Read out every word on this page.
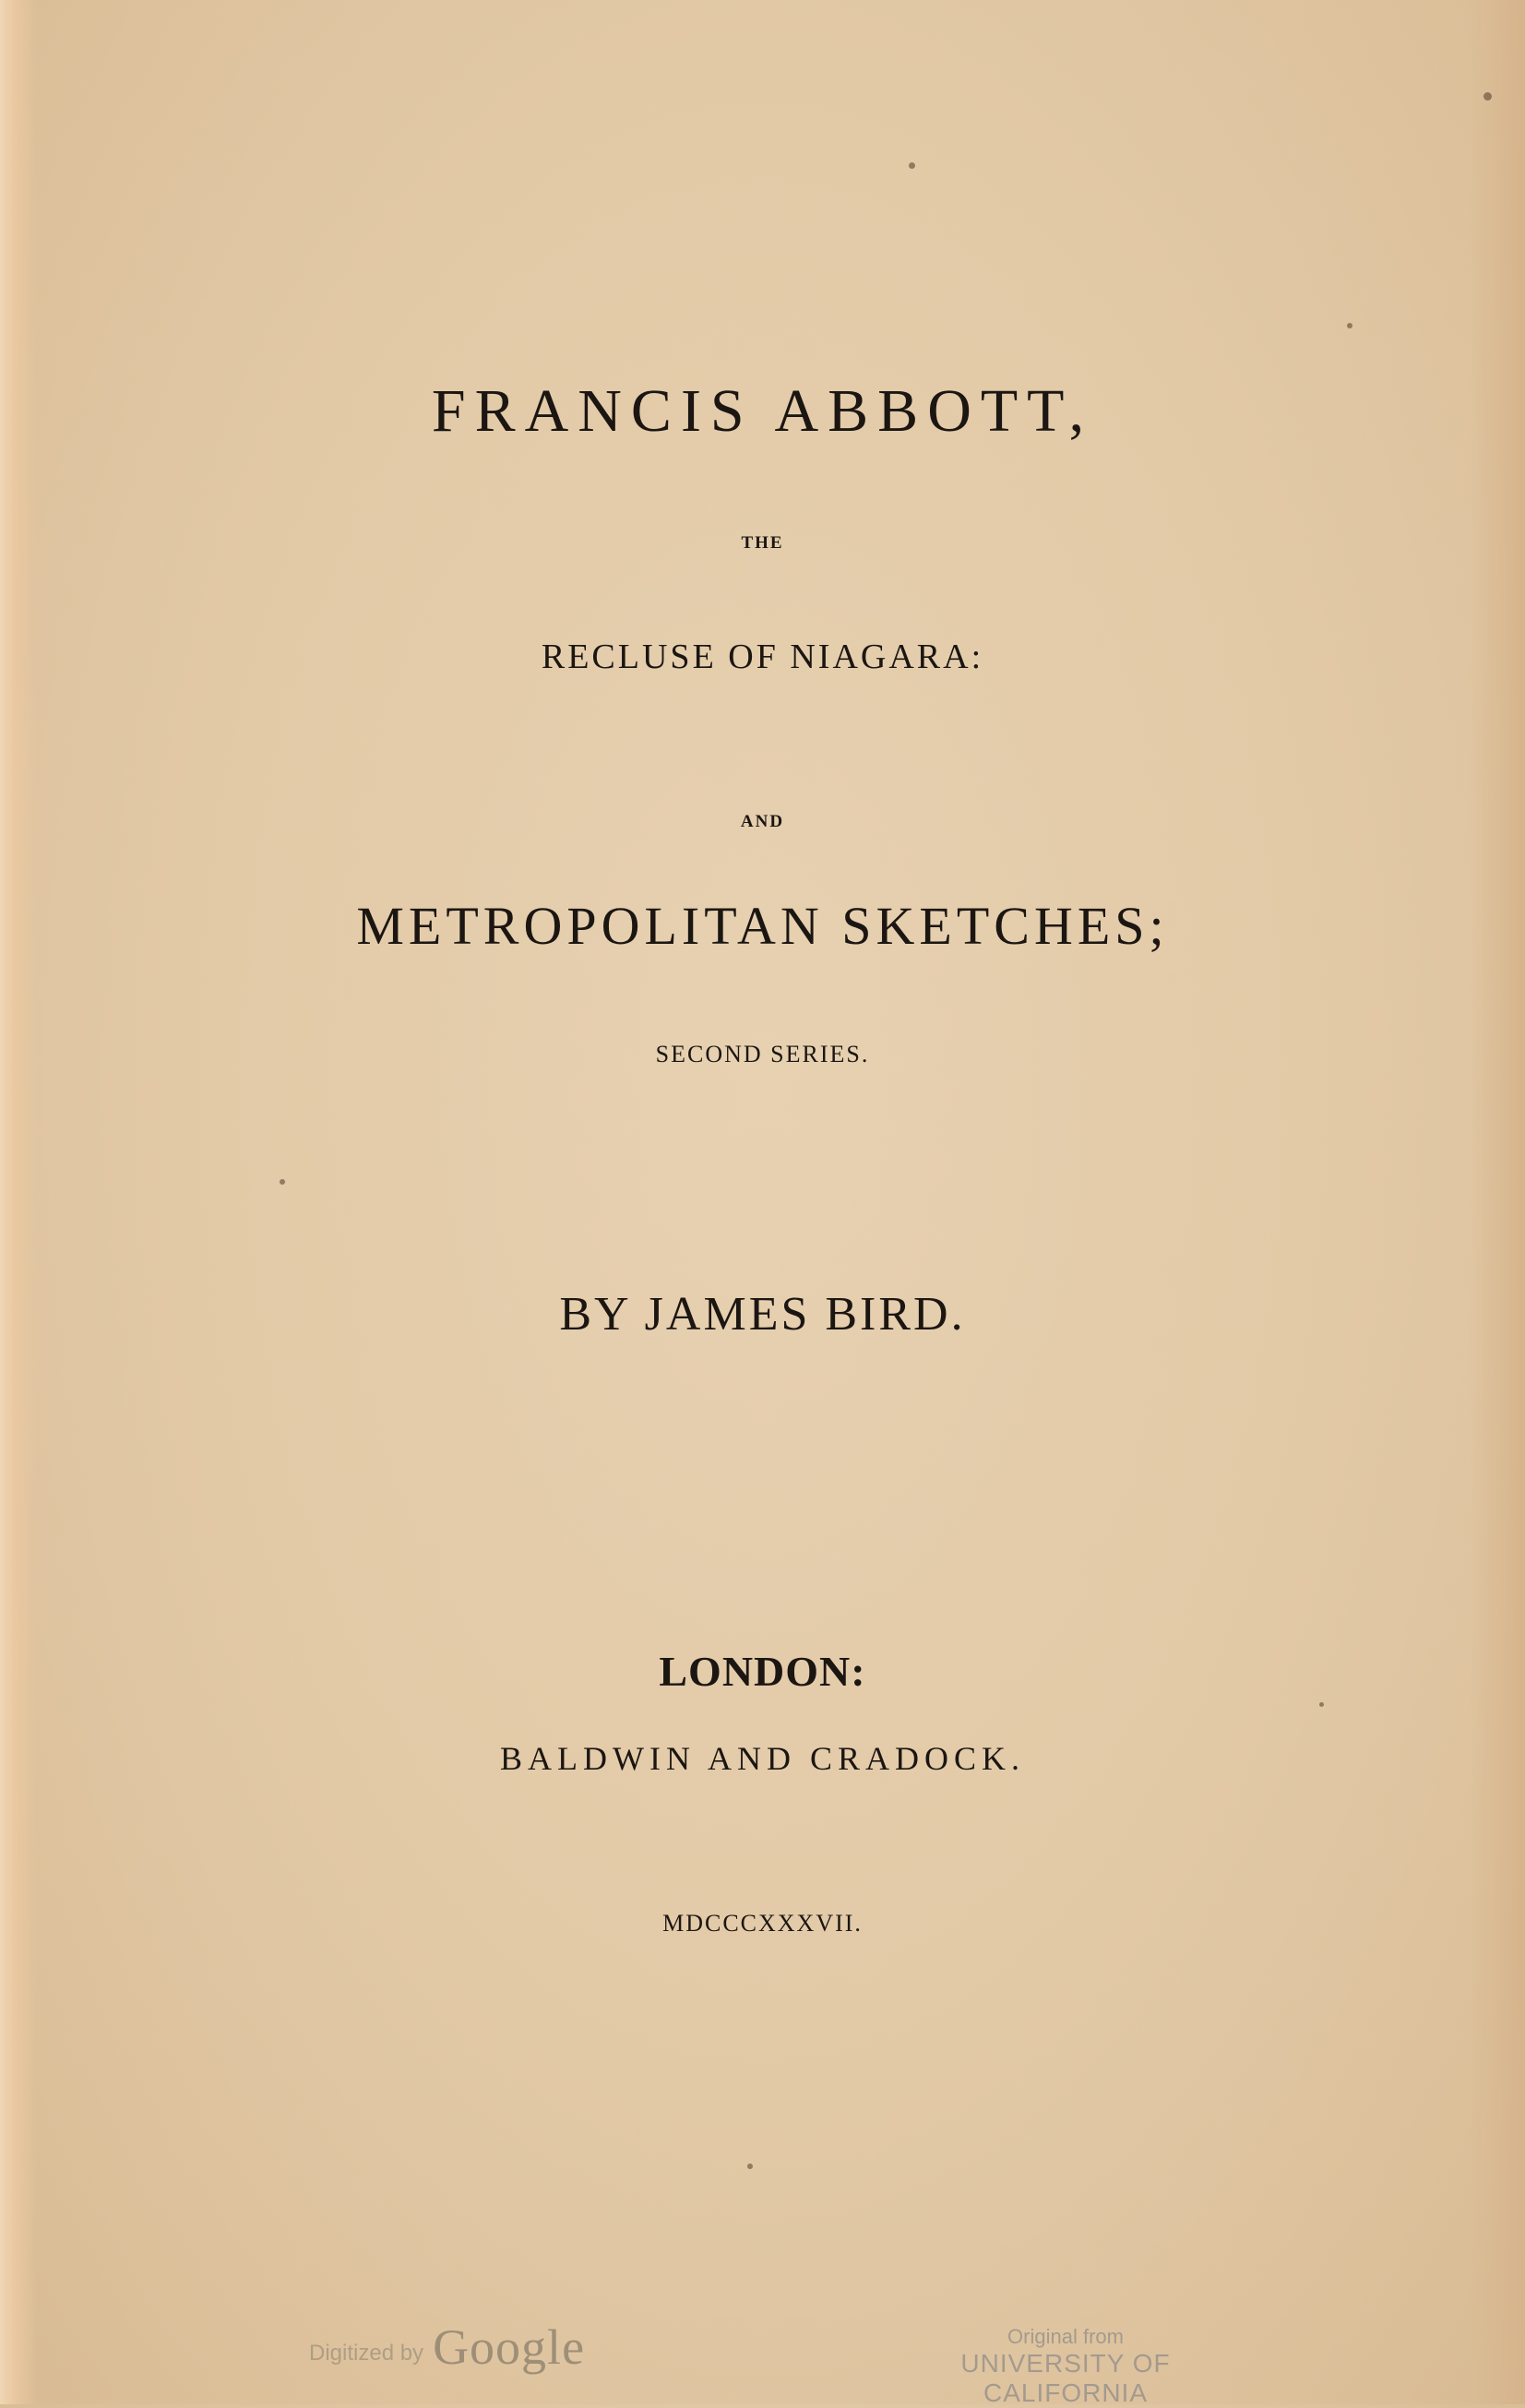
FRANCIS ABBOTT,
THE
RECLUSE OF NIAGARA:
AND
METROPOLITAN SKETCHES;
SECOND SERIES.
BY JAMES BIRD.
LONDON:
BALDWIN AND CRADOCK.
MDCCCXXXVII.
Digitized by Google	Original from
UNIVERSITY OF CALIFORNIA
